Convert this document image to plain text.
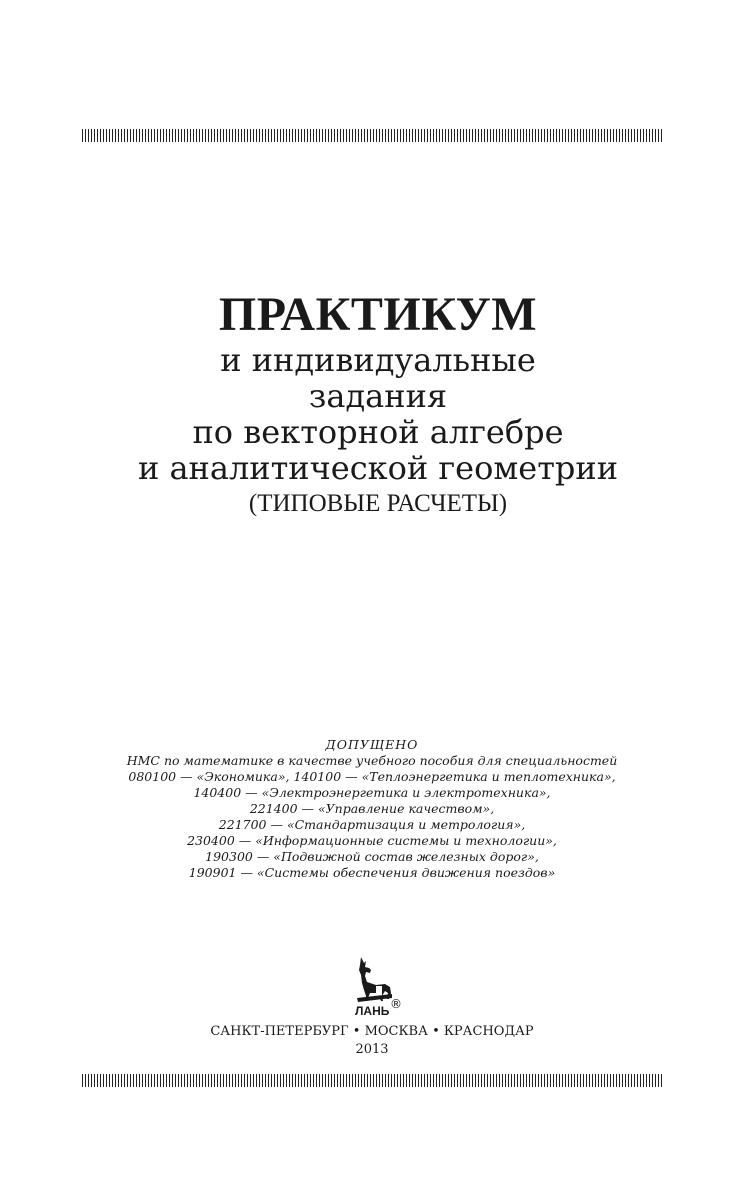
ПРАКТИКУМ
и индивидуальные
задания
по векторной алгебре
и аналитической геометрии
(ТИПОВЫЕ РАСЧЕТЫ)
ДОПУЩЕНО
НМС по математике в качестве учебного пособия для специальностей
080100 — «Экономика», 140100 — «Теплоэнергетика и теплотехника»,
140400 — «Электроэнергетика и электротехника»,
221400 — «Управление качеством»,
221700 — «Стандартизация и метрология»,
230400 — «Информационные системы и технологии»,
190300 — «Подвижной состав железных дорог»,
190901 — «Системы обеспечения движения поездов»
ЛАНЬ ®
САНКТ-ПЕТЕРБУРГ • МОСКВА • КРАСНОДАР
2013
